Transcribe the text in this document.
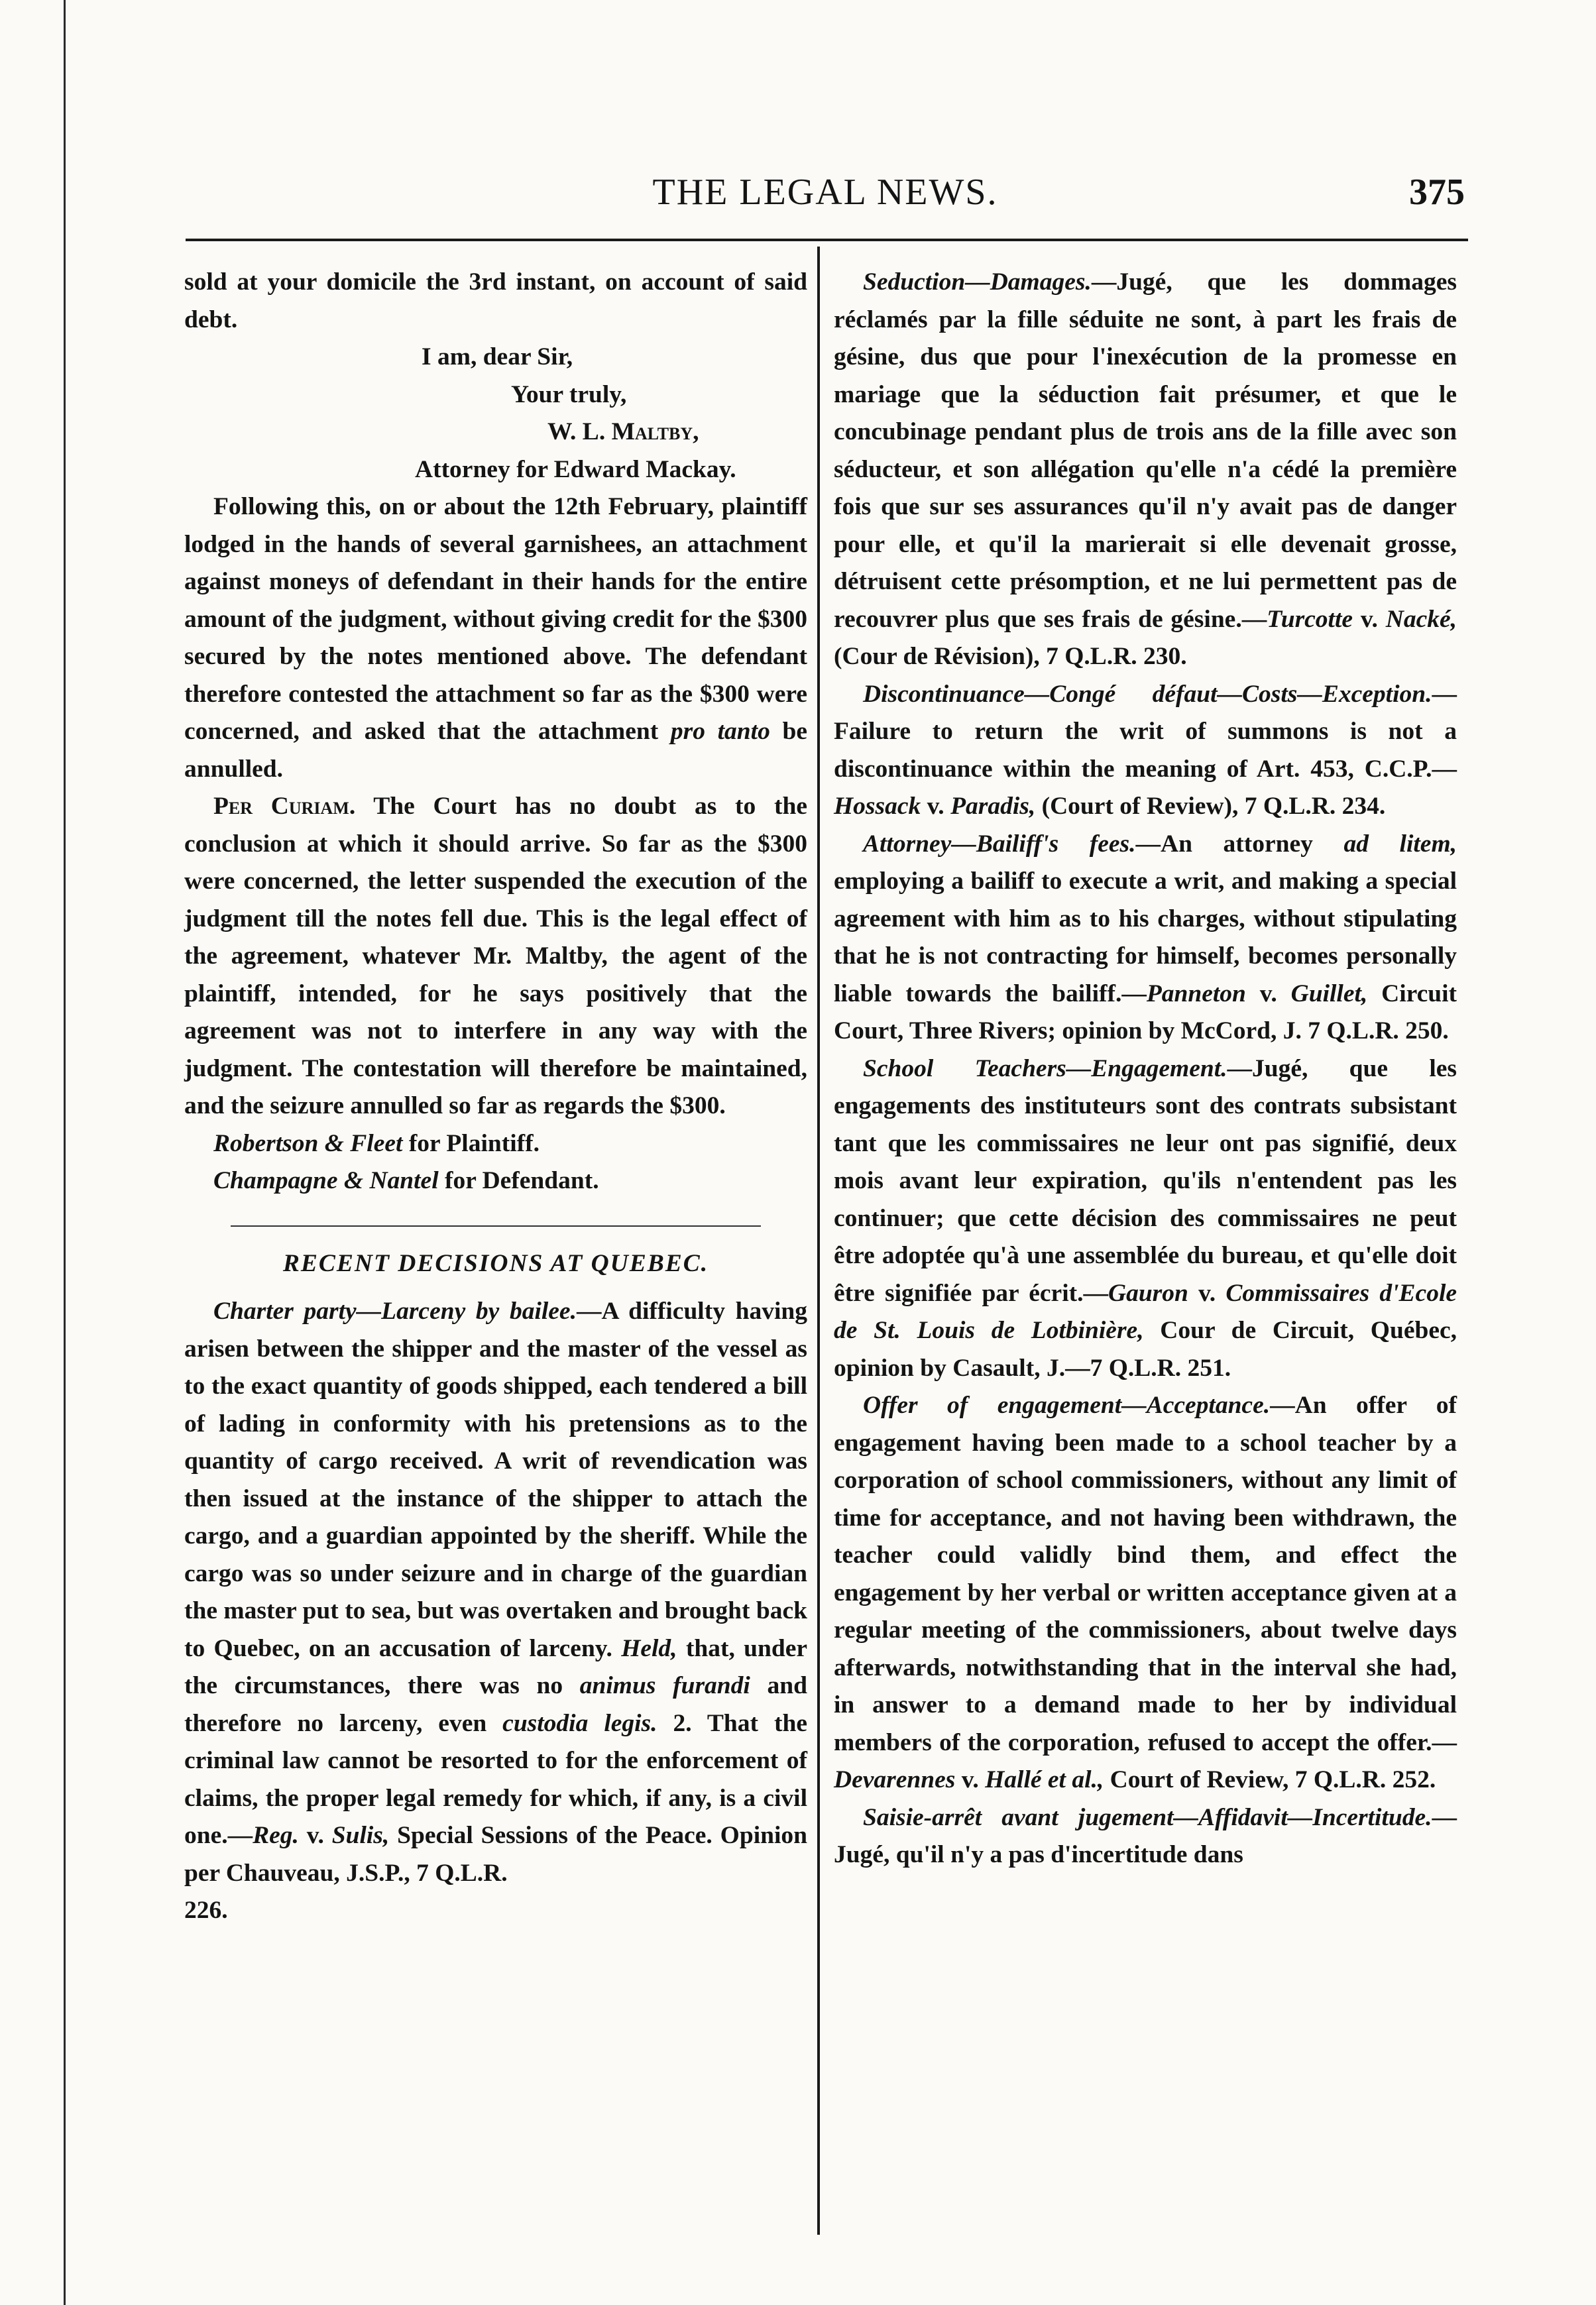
THE LEGAL NEWS.	375

sold at your domicile the 3rd instant, on account of said debt.

I am, dear Sir,
Your truly,
W. L. Maltby,
Attorney for Edward Mackay.

Following this, on or about the 12th February, plaintiff lodged in the hands of several garnishees, an attachment against moneys of defendant in their hands for the entire amount of the judgment, without giving credit for the $300 secured by the notes mentioned above. The defendant therefore contested the attachment so far as the $300 were concerned, and asked that the attachment pro tanto be annulled.

Per Curiam. The Court has no doubt as to the conclusion at which it should arrive. So far as the $300 were concerned, the letter suspended the execution of the judgment till the notes fell due. This is the legal effect of the agreement, whatever Mr. Maltby, the agent of the plaintiff, intended, for he says positively that the agreement was not to interfere in any way with the judgment. The contestation will therefore be maintained, and the seizure annulled so far as regards the $300.

Robertson & Fleet for Plaintiff.

Champagne & Nantel for Defendant.

RECENT DECISIONS AT QUEBEC.

Charter party—Larceny by bailee.—A difficulty having arisen between the shipper and the master of the vessel as to the exact quantity of goods shipped, each tendered a bill of lading in conformity with his pretensions as to the quantity of cargo received. A writ of revendication was then issued at the instance of the shipper to attach the cargo, and a guardian appointed by the sheriff. While the cargo was so under seizure and in charge of the guardian the master put to sea, but was overtaken and brought back to Quebec, on an accusation of larceny. Held, that, under the circumstances, there was no animus furandi and therefore no larceny, even custodia legis. 2. That the criminal law cannot be resorted to for the enforcement of claims, the proper legal remedy for which, if any, is a civil one.—Reg. v. Sulis, Special Sessions of the Peace. Opinion per Chauveau, J.S.P., 7 Q.L.R.

226.

Seduction—Damages.—Jugé, que les dommages réclamés par la fille séduite ne sont, à part les frais de gésine, dus que pour l'inexécution de la promesse en mariage que la séduction fait présumer, et que le concubinage pendant plus de trois ans de la fille avec son séducteur, et son allégation qu'elle n'a cédé la première fois que sur ses assurances qu'il n'y avait pas de danger pour elle, et qu'il la marierait si elle devenait grosse, détruisent cette présomption, et ne lui permettent pas de recouvrer plus que ses frais de gésine.—Turcotte v. Nacké, (Cour de Révision), 7 Q.L.R. 230.

Discontinuance—Congé défaut—Costs—Exception.—Failure to return the writ of summons is not a discontinuance within the meaning of Art. 453, C.C.P.—Hossack v. Paradis, (Court of Review), 7 Q.L.R. 234.

Attorney—Bailiff's fees.—An attorney ad litem, employing a bailiff to execute a writ, and making a special agreement with him as to his charges, without stipulating that he is not contracting for himself, becomes personally liable towards the bailiff.—Panneton v. Guillet, Circuit Court, Three Rivers; opinion by McCord, J. 7 Q.L.R. 250.

School Teachers—Engagement.—Jugé, que les engagements des instituteurs sont des contrats subsistant tant que les commissaires ne leur ont pas signifié, deux mois avant leur expiration, qu'ils n'entendent pas les continuer; que cette décision des commissaires ne peut être adoptée qu'à une assemblée du bureau, et qu'elle doit être signifiée par écrit.—Gauron v. Commissaires d'Ecole de St. Louis de Lotbinière, Cour de Circuit, Québec, opinion by Casault, J.—7 Q.L.R. 251.

Offer of engagement—Acceptance.—An offer of engagement having been made to a school teacher by a corporation of school commissioners, without any limit of time for acceptance, and not having been withdrawn, the teacher could validly bind them, and effect the engagement by her verbal or written acceptance given at a regular meeting of the commissioners, about twelve days afterwards, notwithstanding that in the interval she had, in answer to a demand made to her by individual members of the corporation, refused to accept the offer.—Devarennes v. Hallé et al., Court of Review, 7 Q.L.R. 252.

Saisie-arrêt avant jugement—Affidavit—Incertitude.—Jugé, qu'il n'y a pas d'incertitude dans
